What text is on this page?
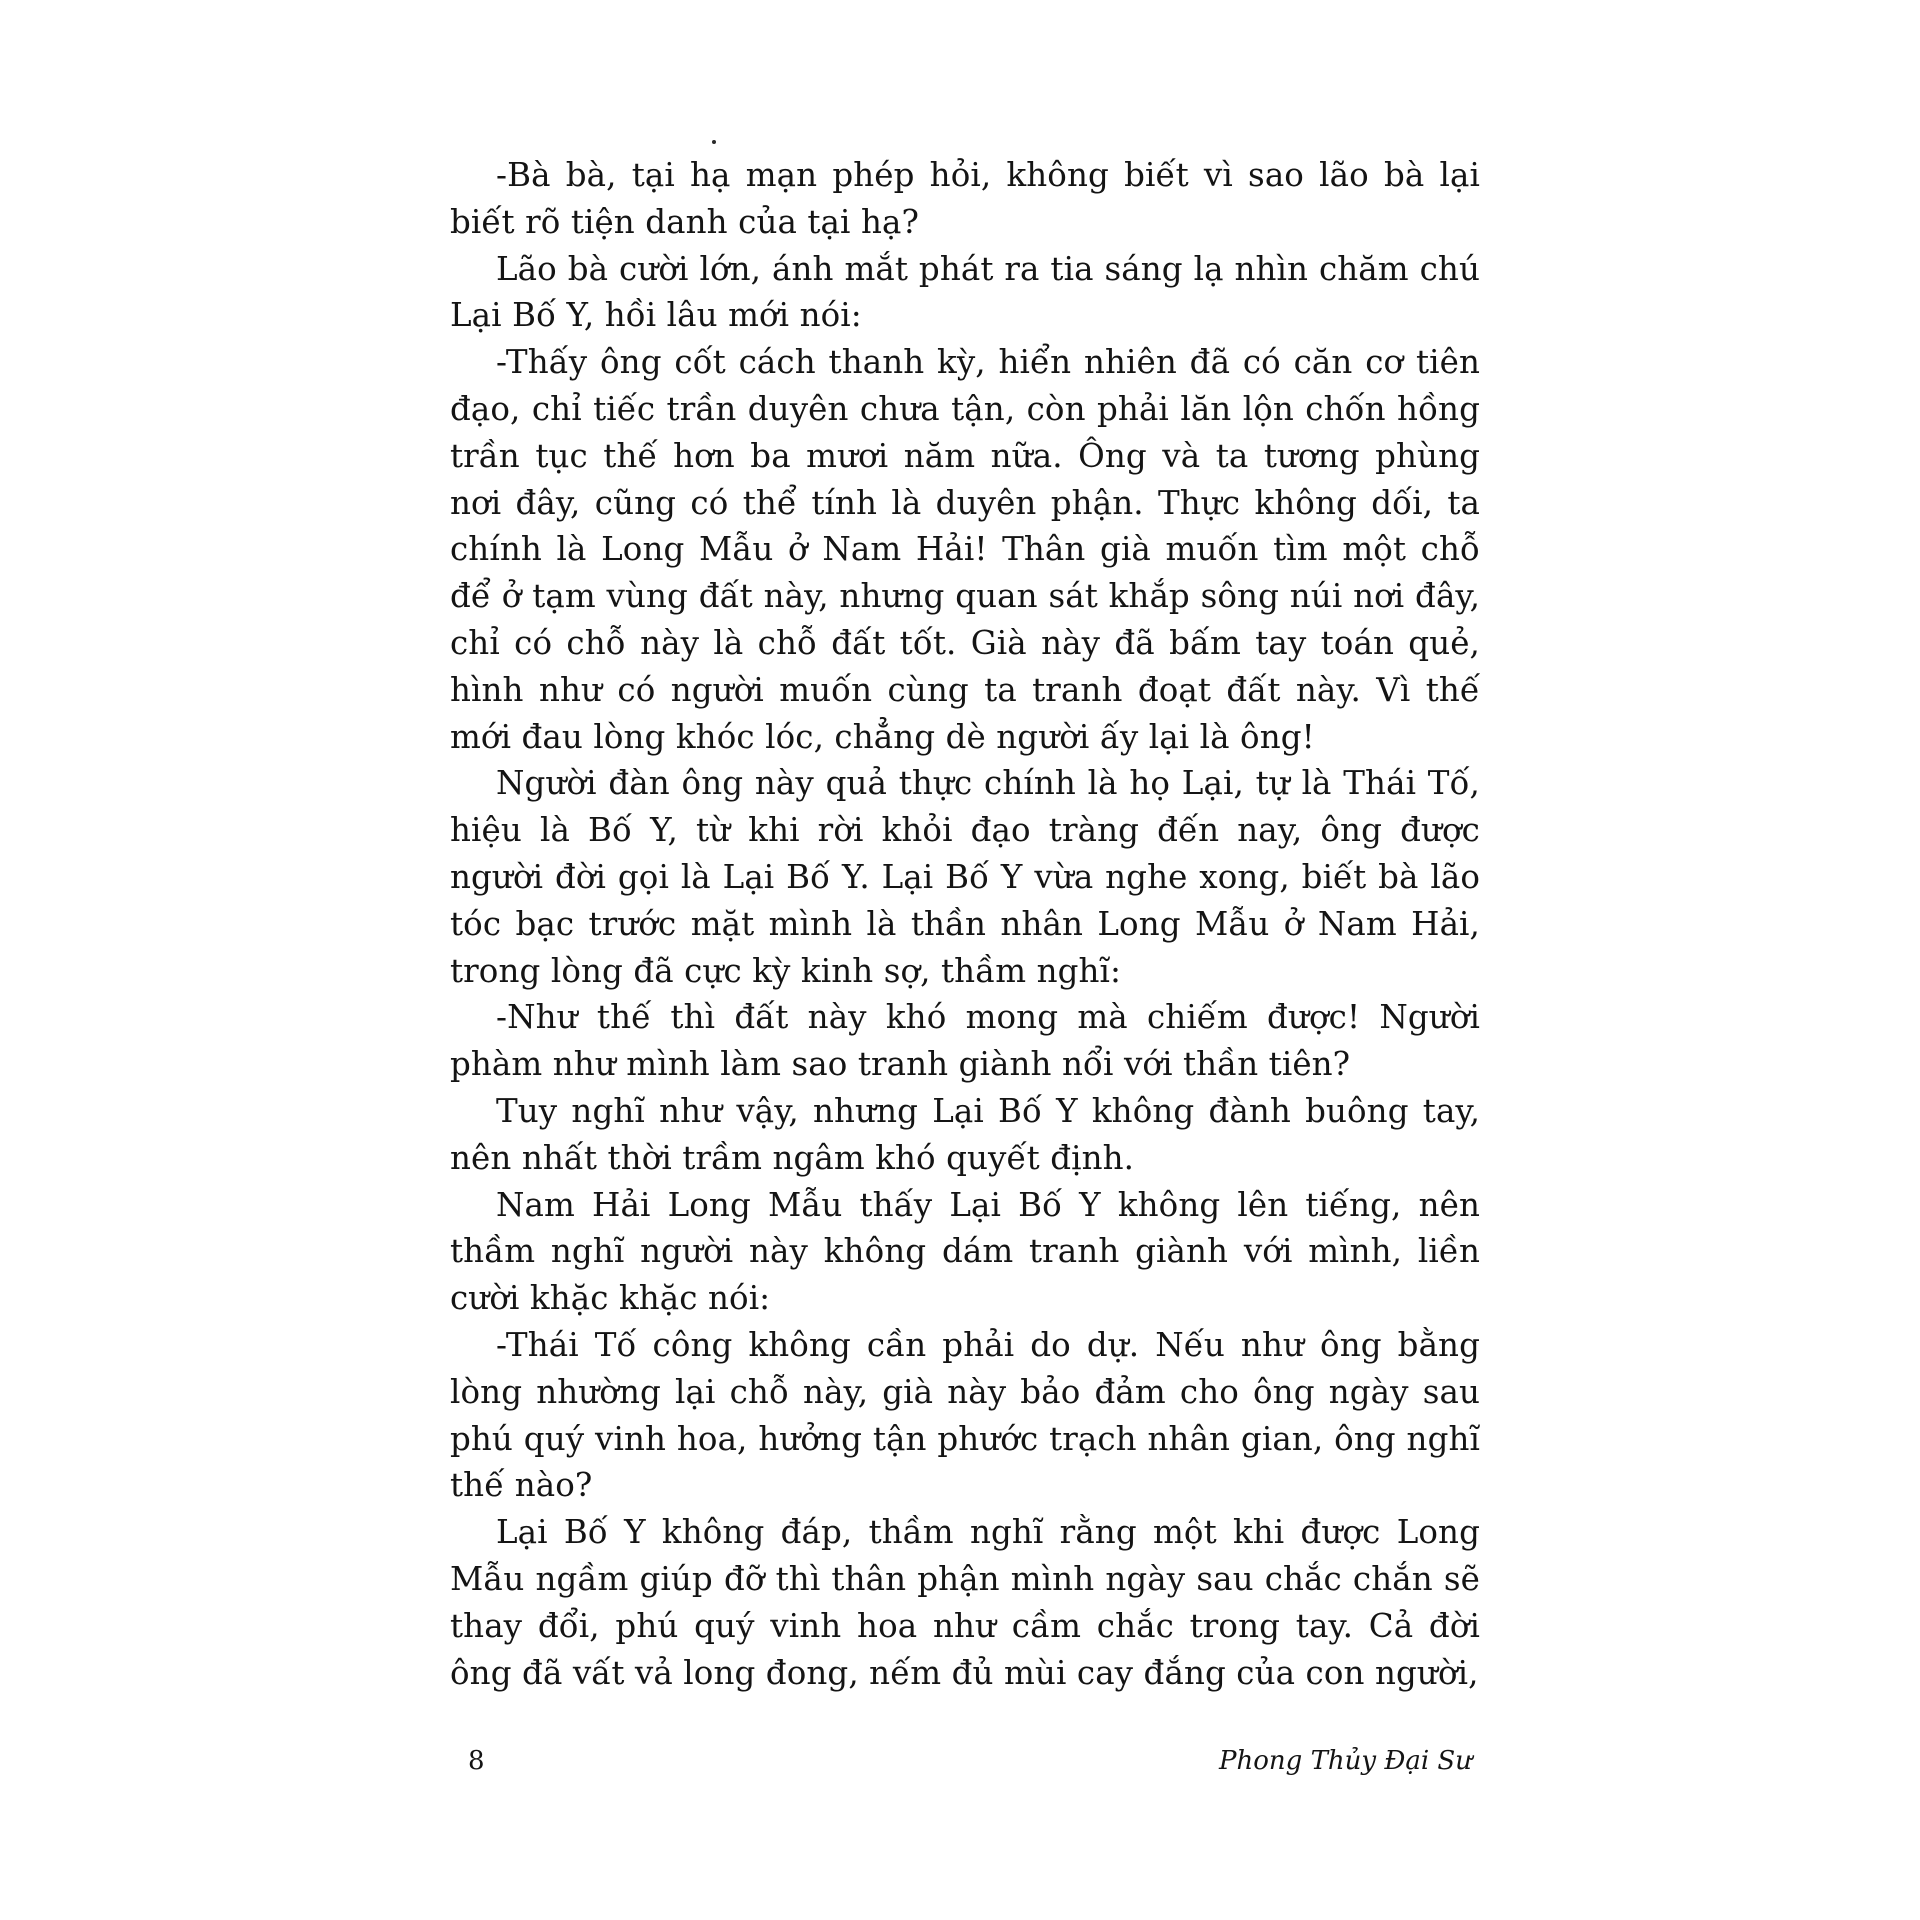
-Bà bà, tại hạ mạn phép hỏi, không biết vì sao lão bà lại biết rõ tiện danh của tại hạ?

Lão bà cười lớn, ánh mắt phát ra tia sáng lạ nhìn chăm chú Lại Bố Y, hồi lâu mới nói:

-Thấy ông cốt cách thanh kỳ, hiển nhiên đã có căn cơ tiên đạo, chỉ tiếc trần duyên chưa tận, còn phải lăn lộn chốn hồng trần tục thế hơn ba mươi năm nữa. Ông và ta tương phùng nơi đây, cũng có thể tính là duyên phận. Thực không dối, ta chính là Long Mẫu ở Nam Hải! Thân già muốn tìm một chỗ để ở tạm vùng đất này, nhưng quan sát khắp sông núi nơi đây, chỉ có chỗ này là chỗ đất tốt. Già này đã bấm tay toán quẻ, hình như có người muốn cùng ta tranh đoạt đất này. Vì thế mới đau lòng khóc lóc, chẳng dè người ấy lại là ông!

Người đàn ông này quả thực chính là họ Lại, tự là Thái Tố, hiệu là Bố Y, từ khi rời khỏi đạo tràng đến nay, ông được người đời gọi là Lại Bố Y. Lại Bố Y vừa nghe xong, biết bà lão tóc bạc trước mặt mình là thần nhân Long Mẫu ở Nam Hải, trong lòng đã cực kỳ kinh sợ, thầm nghĩ:

-Như thế thì đất này khó mong mà chiếm được! Người phàm như mình làm sao tranh giành nổi với thần tiên?

Tuy nghĩ như vậy, nhưng Lại Bố Y không đành buông tay, nên nhất thời trầm ngâm khó quyết định.

Nam Hải Long Mẫu thấy Lại Bố Y không lên tiếng, nên thầm nghĩ người này không dám tranh giành với mình, liền cười khặc khặc nói:

-Thái Tố công không cần phải do dự. Nếu như ông bằng lòng nhường lại chỗ này, già này bảo đảm cho ông ngày sau phú quý vinh hoa, hưởng tận phước trạch nhân gian, ông nghĩ thế nào?

Lại Bố Y không đáp, thầm nghĩ rằng một khi được Long Mẫu ngầm giúp đỡ thì thân phận mình ngày sau chắc chắn sẽ thay đổi, phú quý vinh hoa như cầm chắc trong tay. Cả đời ông đã vất vả long đong, nếm đủ mùi cay đắng của con người,

8	Phong Thủy Đại Sư
